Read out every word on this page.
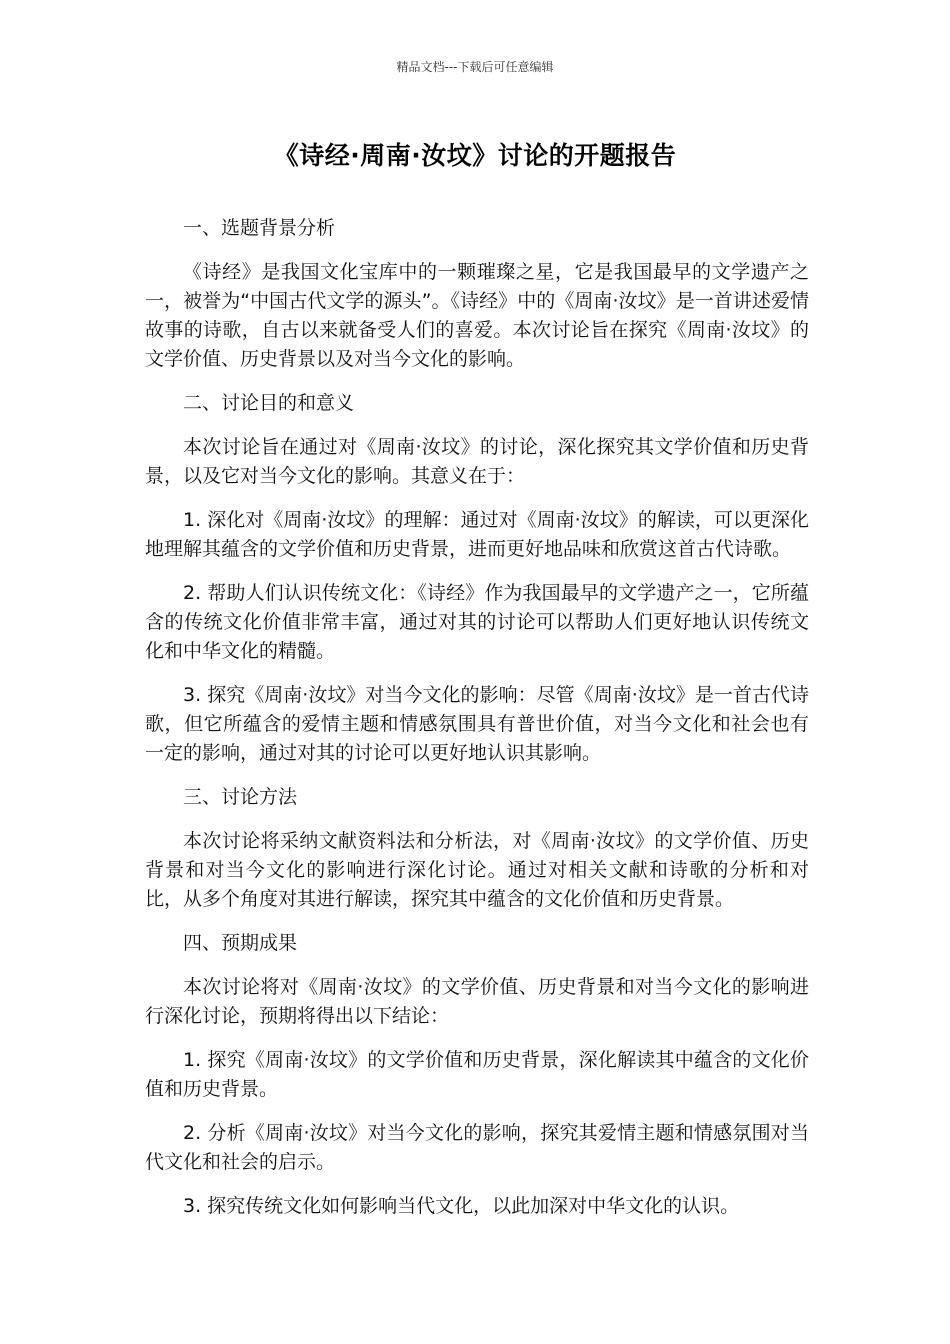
精品文档---下载后可任意编辑
《诗经·周南·汝坟》讨论的开题报告
一、选题背景分析
《诗经》是我国文化宝库中的一颗璀璨之星，它是我国最早的文学遗产之一，被誉为“中国古代文学的源头”。《诗经》中的《周南·汝坟》是一首讲述爱情故事的诗歌，自古以来就备受人们的喜爱。本次讨论旨在探究《周南·汝坟》的文学价值、历史背景以及对当今文化的影响。
二、讨论目的和意义
本次讨论旨在通过对《周南·汝坟》的讨论，深化探究其文学价值和历史背景，以及它对当今文化的影响。其意义在于：
1. 深化对《周南·汝坟》的理解：通过对《周南·汝坟》的解读，可以更深化地理解其蕴含的文学价值和历史背景，进而更好地品味和欣赏这首古代诗歌。
2. 帮助人们认识传统文化：《诗经》作为我国最早的文学遗产之一，它所蕴含的传统文化价值非常丰富，通过对其的讨论可以帮助人们更好地认识传统文化和中华文化的精髓。
3. 探究《周南·汝坟》对当今文化的影响：尽管《周南·汝坟》是一首古代诗歌，但它所蕴含的爱情主题和情感氛围具有普世价值，对当今文化和社会也有一定的影响，通过对其的讨论可以更好地认识其影响。
三、讨论方法
本次讨论将采纳文献资料法和分析法，对《周南·汝坟》的文学价值、历史背景和对当今文化的影响进行深化讨论。通过对相关文献和诗歌的分析和对比，从多个角度对其进行解读，探究其中蕴含的文化价值和历史背景。
四、预期成果
本次讨论将对《周南·汝坟》的文学价值、历史背景和对当今文化的影响进行深化讨论，预期将得出以下结论：
1. 探究《周南·汝坟》的文学价值和历史背景，深化解读其中蕴含的文化价值和历史背景。
2. 分析《周南·汝坟》对当今文化的影响，探究其爱情主题和情感氛围对当代文化和社会的启示。
3. 探究传统文化如何影响当代文化，以此加深对中华文化的认识。
